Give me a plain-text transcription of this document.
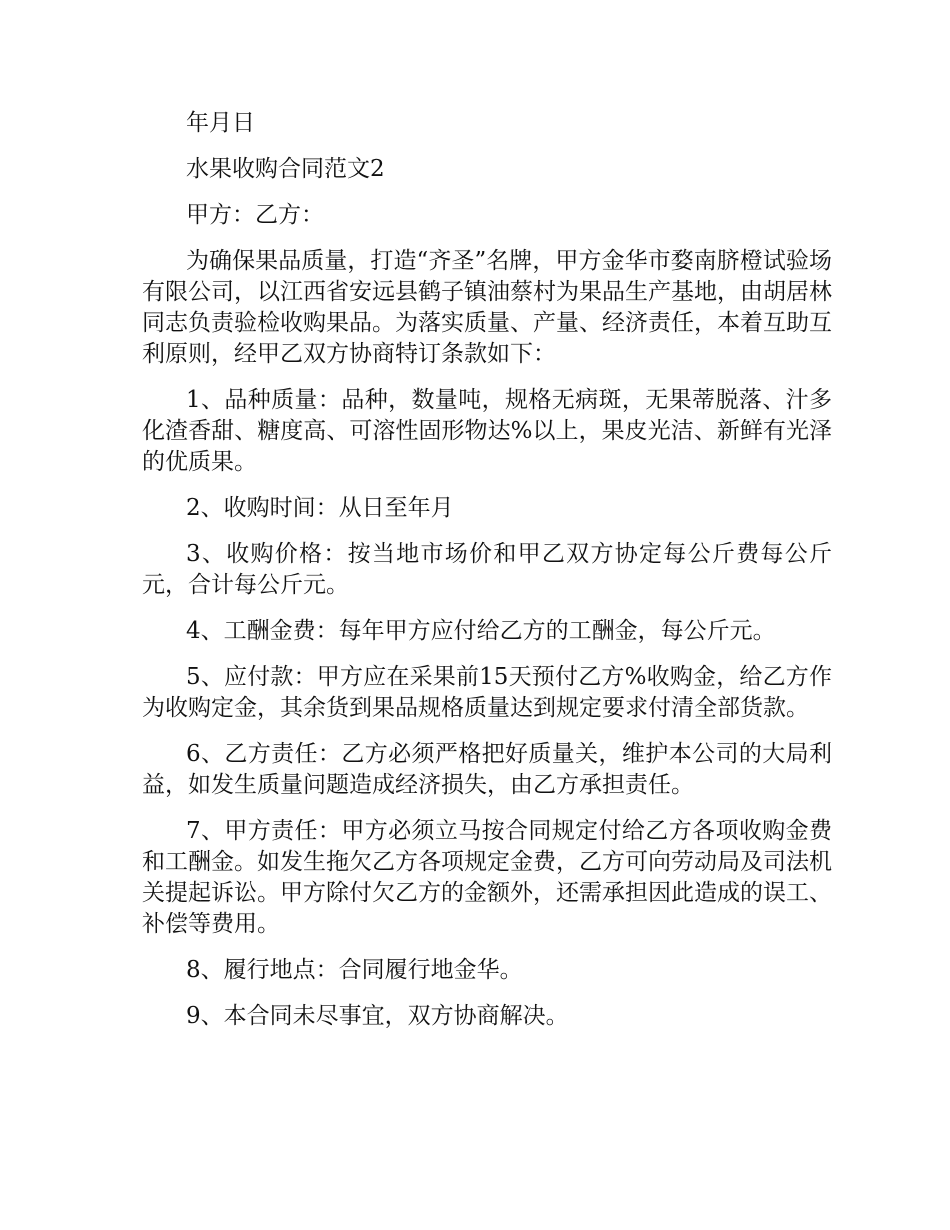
年月日

水果收购合同范文2

甲方：乙方：

为确保果品质量，打造“齐圣”名牌，甲方金华市婺南脐橙试验场有限公司，以江西省安远县鹤子镇油蔡村为果品生产基地，由胡居林同志负责验检收购果品。为落实质量、产量、经济责任，本着互助互利原则，经甲乙双方协商特订条款如下：

1、品种质量：品种，数量吨，规格无病斑，无果蒂脱落、汁多化渣香甜、糖度高、可溶性固形物达%以上，果皮光洁、新鲜有光泽的优质果。

2、收购时间：从日至年月

3、收购价格：按当地市场价和甲乙双方协定每公斤费每公斤元，合计每公斤元。

4、工酬金费：每年甲方应付给乙方的工酬金，每公斤元。

5、应付款：甲方应在采果前15天预付乙方%收购金，给乙方作为收购定金，其余货到果品规格质量达到规定要求付清全部货款。

6、乙方责任：乙方必须严格把好质量关，维护本公司的大局利益，如发生质量问题造成经济损失，由乙方承担责任。

7、甲方责任：甲方必须立马按合同规定付给乙方各项收购金费和工酬金。如发生拖欠乙方各项规定金费，乙方可向劳动局及司法机关提起诉讼。甲方除付欠乙方的金额外，还需承担因此造成的误工、补偿等费用。

8、履行地点：合同履行地金华。

9、本合同未尽事宜，双方协商解决。
